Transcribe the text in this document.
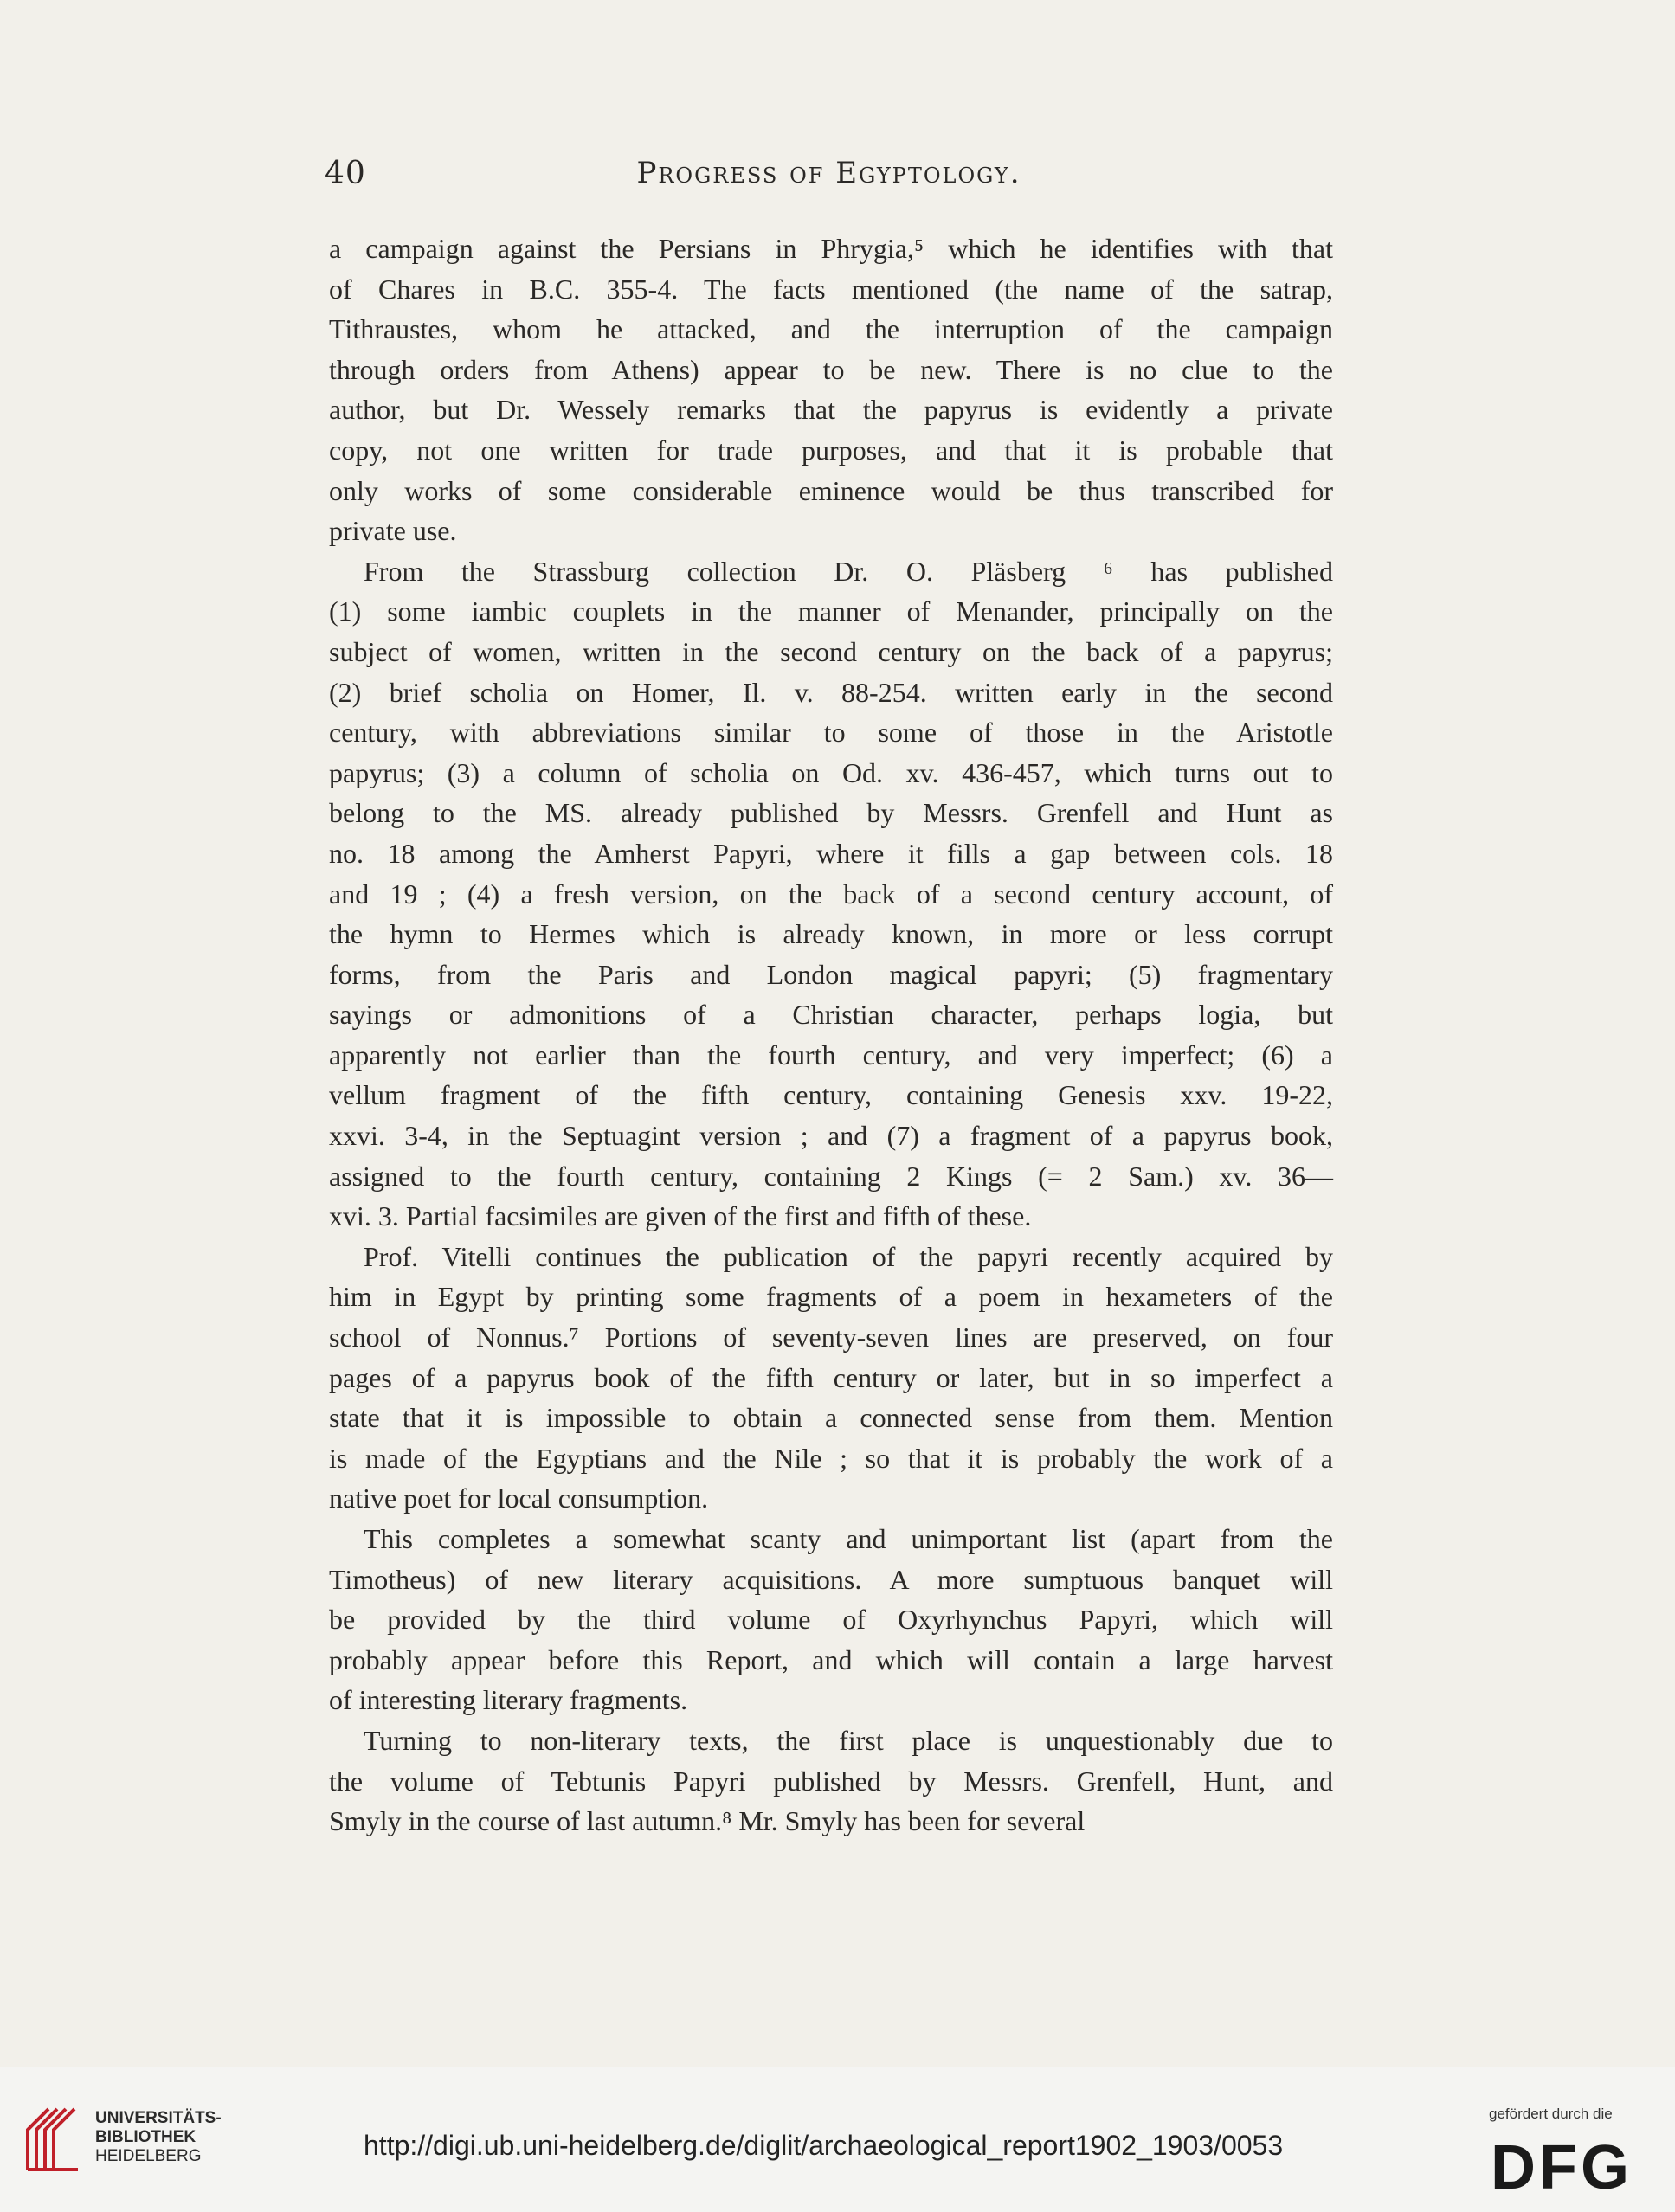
40	Progress of Egyptology.
a campaign against the Persians in Phrygia,⁵ which he identifies with that
of Chares in B.C. 355-4. The facts mentioned (the name of the satrap,
Tithraustes, whom he attacked, and the interruption of the campaign
through orders from Athens) appear to be new. There is no clue to the
author, but Dr. Wessely remarks that the papyrus is evidently a private
copy, not one written for trade purposes, and that it is probable that
only works of some considerable eminence would be thus transcribed for
private use.
From the Strassburg collection Dr. O. Pläsberg ⁶ has published
(1) some iambic couplets in the manner of Menander, principally on the
subject of women, written in the second century on the back of a papyrus;
(2) brief scholia on Homer, Il. v. 88-254. written early in the second
century, with abbreviations similar to some of those in the Aristotle
papyrus; (3) a column of scholia on Od. xv. 436-457, which turns out to
belong to the MS. already published by Messrs. Grenfell and Hunt as
no. 18 among the Amherst Papyri, where it fills a gap between cols. 18
and 19 ; (4) a fresh version, on the back of a second century account, of
the hymn to Hermes which is already known, in more or less corrupt
forms, from the Paris and London magical papyri; (5) fragmentary
sayings or admonitions of a Christian character, perhaps logia, but
apparently not earlier than the fourth century, and very imperfect; (6) a
vellum fragment of the fifth century, containing Genesis xxv. 19-22,
xxvi. 3-4, in the Septuagint version ; and (7) a fragment of a papyrus book,
assigned to the fourth century, containing 2 Kings (= 2 Sam.) xv. 36—
xvi. 3. Partial facsimiles are given of the first and fifth of these.
Prof. Vitelli continues the publication of the papyri recently acquired by
him in Egypt by printing some fragments of a poem in hexameters of the
school of Nonnus.⁷ Portions of seventy-seven lines are preserved, on four
pages of a papyrus book of the fifth century or later, but in so imperfect a
state that it is impossible to obtain a connected sense from them. Mention
is made of the Egyptians and the Nile ; so that it is probably the work of a
native poet for local consumption.
This completes a somewhat scanty and unimportant list (apart from the
Timotheus) of new literary acquisitions. A more sumptuous banquet will
be provided by the third volume of Oxyrhynchus Papyri, which will
probably appear before this Report, and which will contain a large harvest
of interesting literary fragments.
Turning to non-literary texts, the first place is unquestionably due to
the volume of Tebtunis Papyri published by Messrs. Grenfell, Hunt, and
Smyly in the course of last autumn.⁸ Mr. Smyly has been for several
UNIVERSITÄTS-
BIBLIOTHEK
HEIDELBERG	http://digi.ub.uni-heidelberg.de/diglit/archaeological_report1902_1903/0053
gefördert durch die
DFG
